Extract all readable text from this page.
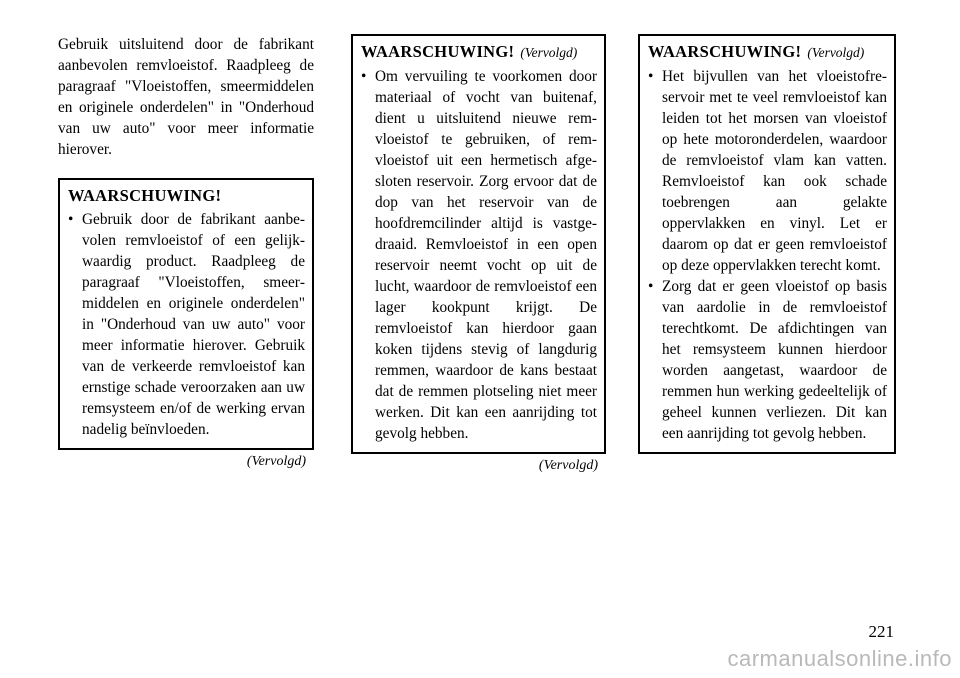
Gebruik uitsluitend door de fabrikant aanbevolen remvloeistof. Raadpleeg de paragraaf "Vloeistoffen, smeermiddelen en originele onderdelen" in "Onderhoud van uw auto" voor meer informatie hierover.

WAARSCHUWING!
• Gebruik door de fabrikant aanbevolen remvloeistof of een gelijkwaardig product. Raadpleeg de paragraaf "Vloeistoffen, smeermiddelen en originele onderdelen" in "Onderhoud van uw auto" voor meer informatie hierover. Gebruik van de verkeerde remvloeistof kan ernstige schade veroorzaken aan uw remsysteem en/of de werking ervan nadelig beïnvloeden.
(Vervolgd)
WAARSCHUWING! (Vervolgd)
• Om vervuiling te voorkomen door materiaal of vocht van buitenaf, dient u uitsluitend nieuwe remvloeistof te gebruiken, of remvloeistof uit een hermetisch afgesloten reservoir. Zorg ervoor dat de dop van het reservoir van de hoofdremcilinder altijd is vastgedraaid. Remvloeistof in een open reservoir neemt vocht op uit de lucht, waardoor de remvloeistof een lager kookpunt krijgt. De remvloeistof kan hierdoor gaan koken tijdens stevig of langdurig remmen, waardoor de kans bestaat dat de remmen plotseling niet meer werken. Dit kan een aanrijding tot gevolg hebben.
(Vervolgd)
WAARSCHUWING! (Vervolgd)
• Het bijvullen van het vloeistofreservoir met te veel remvloeistof kan leiden tot het morsen van vloeistof op hete motoronderdelen, waardoor de remvloeistof vlam kan vatten. Remvloeistof kan ook schade toebrengen aan gelakte oppervlakken en vinyl. Let er daarom op dat er geen remvloeistof op deze oppervlakken terecht komt.
• Zorg dat er geen vloeistof op basis van aardolie in de remvloeistof terechtkomt. De afdichtingen van het remsysteem kunnen hierdoor worden aangetast, waardoor de remmen hun werking gedeeltelijk of geheel kunnen verliezen. Dit kan een aanrijding tot gevolg hebben.
221
carmanualsonline.info
